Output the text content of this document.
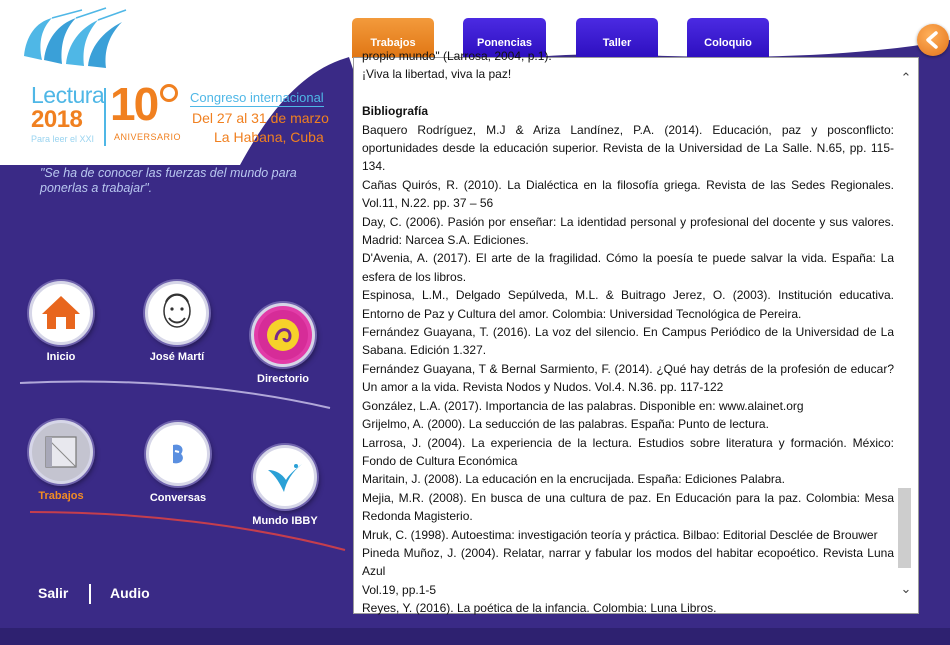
Lectura
2018
Para leer el XXI
10
ANIVERSARIO
Congreso internacional
Del 27 al 31 de marzo
La Habana, Cuba
"Se ha de conocer las fuerzas del mundo para ponerlas a trabajar".
Inicio	José Martí
Directorio
Trabajos	Conversas
Mundo IBBY
Salir	Audio
Trabajos	Ponencias	Taller	Coloquio

propio mundo" (Larrosa, 2004, p.1).

¡Viva la libertad, viva la paz!

Bibliografía

Baquero Rodríguez, M.J & Ariza Landínez, P.A. (2014). Educación, paz y posconflicto: oportunidades desde la educación superior. Revista de la Universidad de La Salle. N.65, pp. 115-134.

Cañas Quirós, R. (2010). La Dialéctica en la filosofía griega. Revista de las Sedes Regionales. Vol.11, N.22. pp. 37 – 56

Day, C. (2006). Pasión por enseñar: La identidad personal y profesional del docente y sus valores. Madrid: Narcea S.A. Ediciones.

D'Avenia, A. (2017). El arte de la fragilidad. Cómo la poesía te puede salvar la vida. España: La esfera de los libros.

Espinosa, L.M., Delgado Sepúlveda, M.L. & Buitrago Jerez, O. (2003). Institución educativa. Entorno de Paz y Cultura del amor. Colombia: Universidad Tecnológica de Pereira.

Fernández Guayana, T. (2016). La voz del silencio. En Campus Periódico de la Universidad de La Sabana. Edición 1.327.

Fernández Guayana, T & Bernal Sarmiento, F. (2014). ¿Qué hay detrás de la profesión de educar? Un amor a la vida. Revista Nodos y Nudos. Vol.4. N.36. pp. 117-122

González, L.A. (2017). Importancia de las palabras. Disponible en: www.alainet.org

Grijelmo, A. (2000). La seducción de las palabras. España: Punto de lectura.

Larrosa, J. (2004). La experiencia de la lectura. Estudios sobre literatura y formación. México: Fondo de Cultura Económica

Maritain, J. (2008). La educación en la encrucijada. España: Ediciones Palabra.

Mejia, M.R. (2008). En busca de una cultura de paz. En Educación para la paz. Colombia: Mesa Redonda Magisterio.

Mruk, C. (1998). Autoestima: investigación teoría y práctica. Bilbao: Editorial Desclée de Brouwer

Pineda Muñoz, J. (2004). Relatar, narrar y fabular los modos del habitar ecopoético. Revista Luna Azul

Vol.19, pp.1-5

Reyes, Y. (2016). La poética de la infancia. Colombia: Luna Libros.

⌃
⌄
